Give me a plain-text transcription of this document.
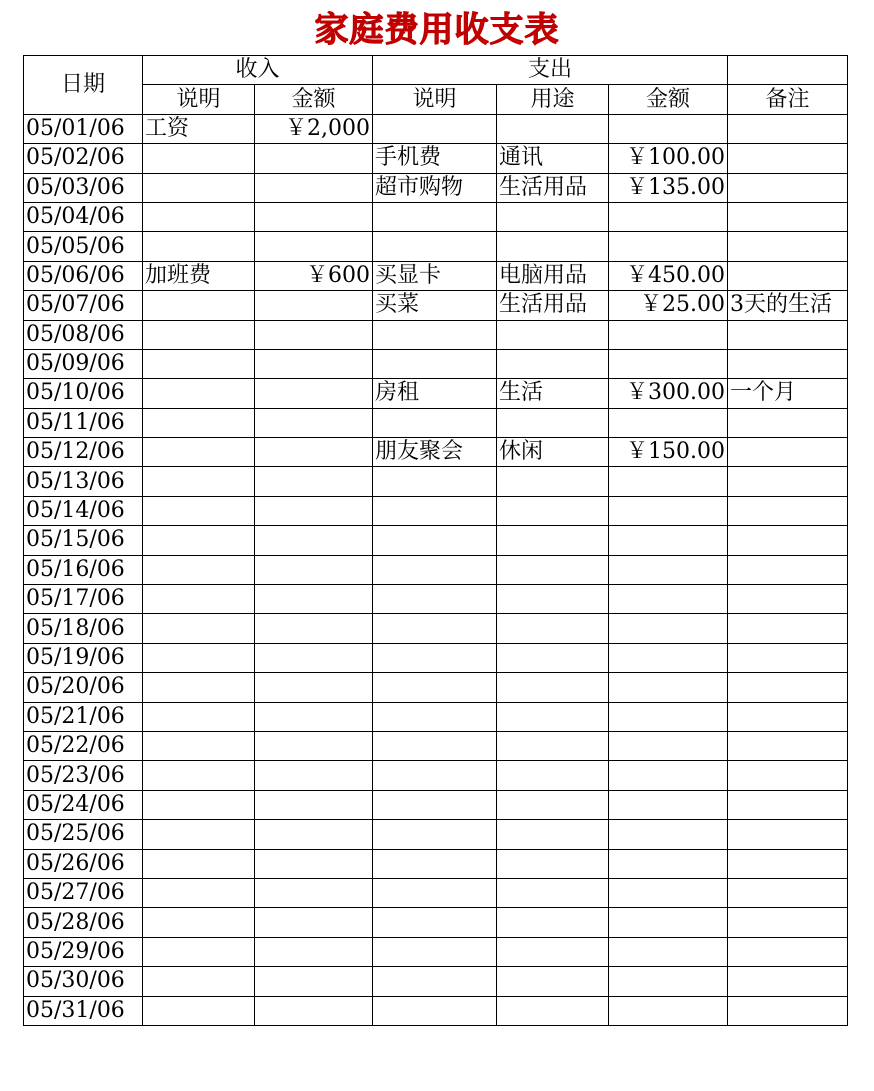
家庭费用收支表
日期	收入		支出			
	说明	金额	说明	用途	金额	备注
05/01/06	工资	￥2,000				
05/02/06			手机费	通讯	￥100.00	
05/03/06			超市购物	生活用品	￥135.00	
05/04/06						
05/05/06						
05/06/06	加班费	￥600	买显卡	电脑用品	￥450.00	
05/07/06			买菜	生活用品	￥25.00	3天的生活
05/08/06						
05/09/06						
05/10/06			房租	生活	￥300.00	一个月
05/11/06						
05/12/06			朋友聚会	休闲	￥150.00	
05/13/06						
05/14/06						
05/15/06						
05/16/06						
05/17/06						
05/18/06						
05/19/06						
05/20/06						
05/21/06						
05/22/06						
05/23/06						
05/24/06						
05/25/06						
05/26/06						
05/27/06						
05/28/06						
05/29/06						
05/30/06						
05/31/06						
